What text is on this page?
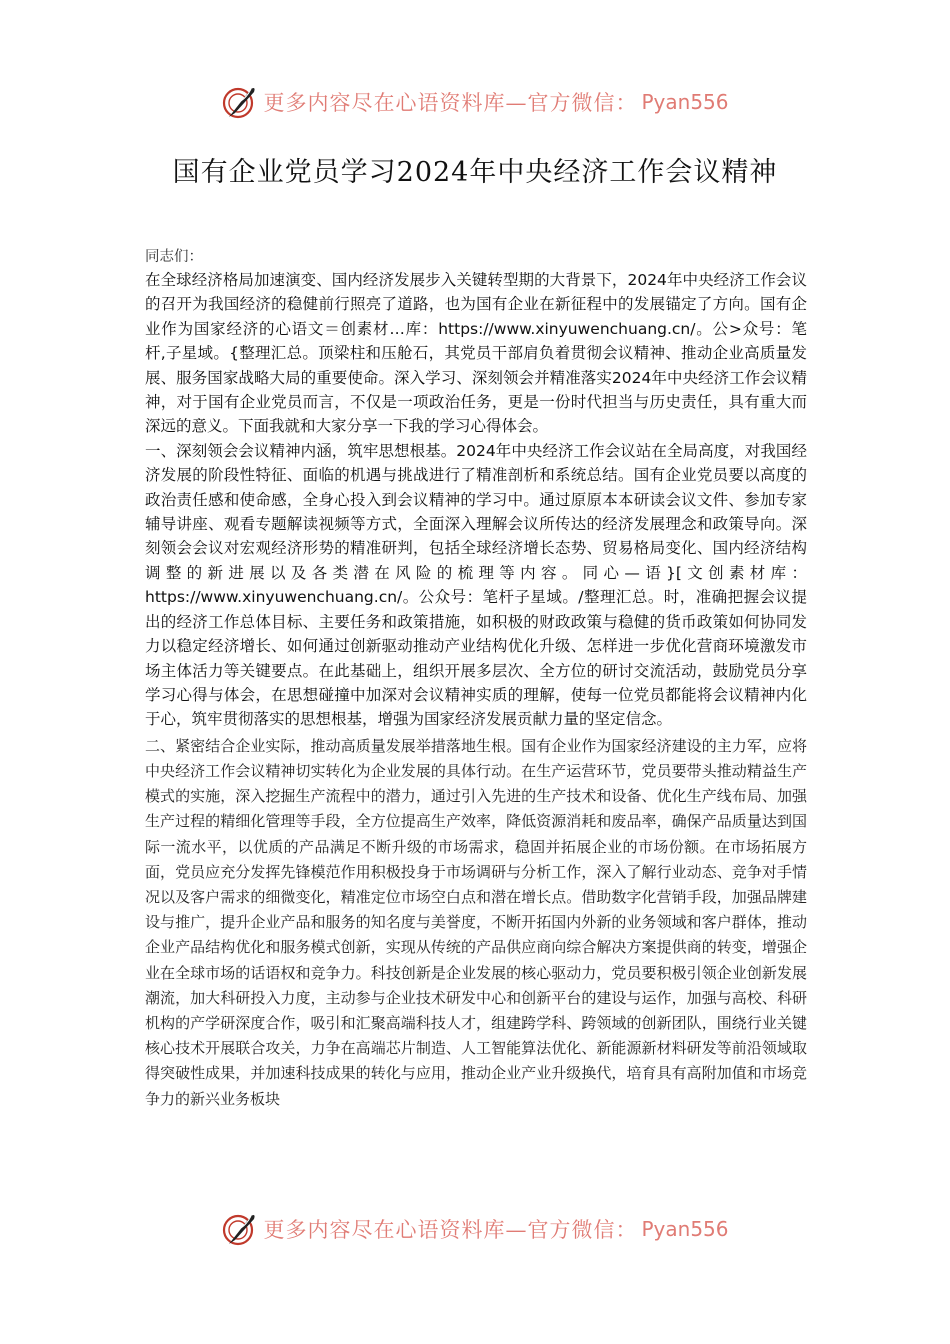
更多内容尽在心语资料库—官方微信： Pyan556
国有企业党员学习2024年中央经济工作会议精神

同志们：

在全球经济格局加速演变、国内经济发展步入关键转型期的大背景下，2024年中央经济工作会议的召开为我国经济的稳健前行照亮了道路，也为国有企业在新征程中的发展锚定了方向。国有企业作为国家经济的心语文＝创素材…库：https://www.xinyuwenchuang.cn/。公>众号：笔杆,子星域。{整理汇总。顶梁柱和压舱石，其党员干部肩负着贯彻会议精神、推动企业高质量发展、服务国家战略大局的重要使命。深入学习、深刻领会并精准落实2024年中央经济工作会议精神，对于国有企业党员而言，不仅是一项政治任务，更是一份时代担当与历史责任，具有重大而深远的意义。下面我就和大家分享一下我的学习心得体会。

一、深刻领会会议精神内涵，筑牢思想根基。2024年中央经济工作会议站在全局高度，对我国经济发展的阶段性特征、面临的机遇与挑战进行了精准剖析和系统总结。国有企业党员要以高度的政治责任感和使命感，全身心投入到会议精神的学习中。通过原原本本研读会议文件、参加专家辅导讲座、观看专题解读视频等方式，全面深入理解会议所传达的经济发展理念和政策导向。深刻领会会议对宏观经济形势的精准研判，包括全球经济增长态势、贸易格局变化、国内经济结构调整的新进展以及各类潜在风险的梳理等内容。同心—语}[文创素材库：https://www.xinyuwenchuang.cn/。公众号：笔杆子星域。/整理汇总。时，准确把握会议提出的经济工作总体目标、主要任务和政策措施，如积极的财政政策与稳健的货币政策如何协同发力以稳定经济增长、如何通过创新驱动推动产业结构优化升级、怎样进一步优化营商环境激发市场主体活力等关键要点。在此基础上，组织开展多层次、全方位的研讨交流活动，鼓励党员分享学习心得与体会，在思想碰撞中加深对会议精神实质的理解，使每一位党员都能将会议精神内化于心，筑牢贯彻落实的思想根基，增强为国家经济发展贡献力量的坚定信念。

二、紧密结合企业实际，推动高质量发展举措落地生根。国有企业作为国家经济建设的主力军，应将中央经济工作会议精神切实转化为企业发展的具体行动。在生产运营环节，党员要带头推动精益生产模式的实施，深入挖掘生产流程中的潜力，通过引入先进的生产技术和设备、优化生产线布局、加强生产过程的精细化管理等手段，全方位提高生产效率，降低资源消耗和废品率，确保产品质量达到国际一流水平，以优质的产品满足不断升级的市场需求，稳固并拓展企业的市场份额。在市场拓展方面，党员应充分发挥先锋模范作用积极投身于市场调研与分析工作，深入了解行业动态、竞争对手情况以及客户需求的细微变化，精准定位市场空白点和潜在增长点。借助数字化营销手段，加强品牌建设与推广，提升企业产品和服务的知名度与美誉度，不断开拓国内外新的业务领域和客户群体，推动企业产品结构优化和服务模式创新，实现从传统的产品供应商向综合解决方案提供商的转变，增强企业在全球市场的话语权和竞争力。科技创新是企业发展的核心驱动力，党员要积极引领企业创新发展潮流，加大科研投入力度，主动参与企业技术研发中心和创新平台的建设与运作，加强与高校、科研机构的产学研深度合作，吸引和汇聚高端科技人才，组建跨学科、跨领域的创新团队，围绕行业关键核心技术开展联合攻关，力争在高端芯片制造、人工智能算法优化、新能源新材料研发等前沿领域取得突破性成果，并加速科技成果的转化与应用，推动企业产业升级换代，培育具有高附加值和市场竞争力的新兴业务板块

更多内容尽在心语资料库—官方微信： Pyan556
